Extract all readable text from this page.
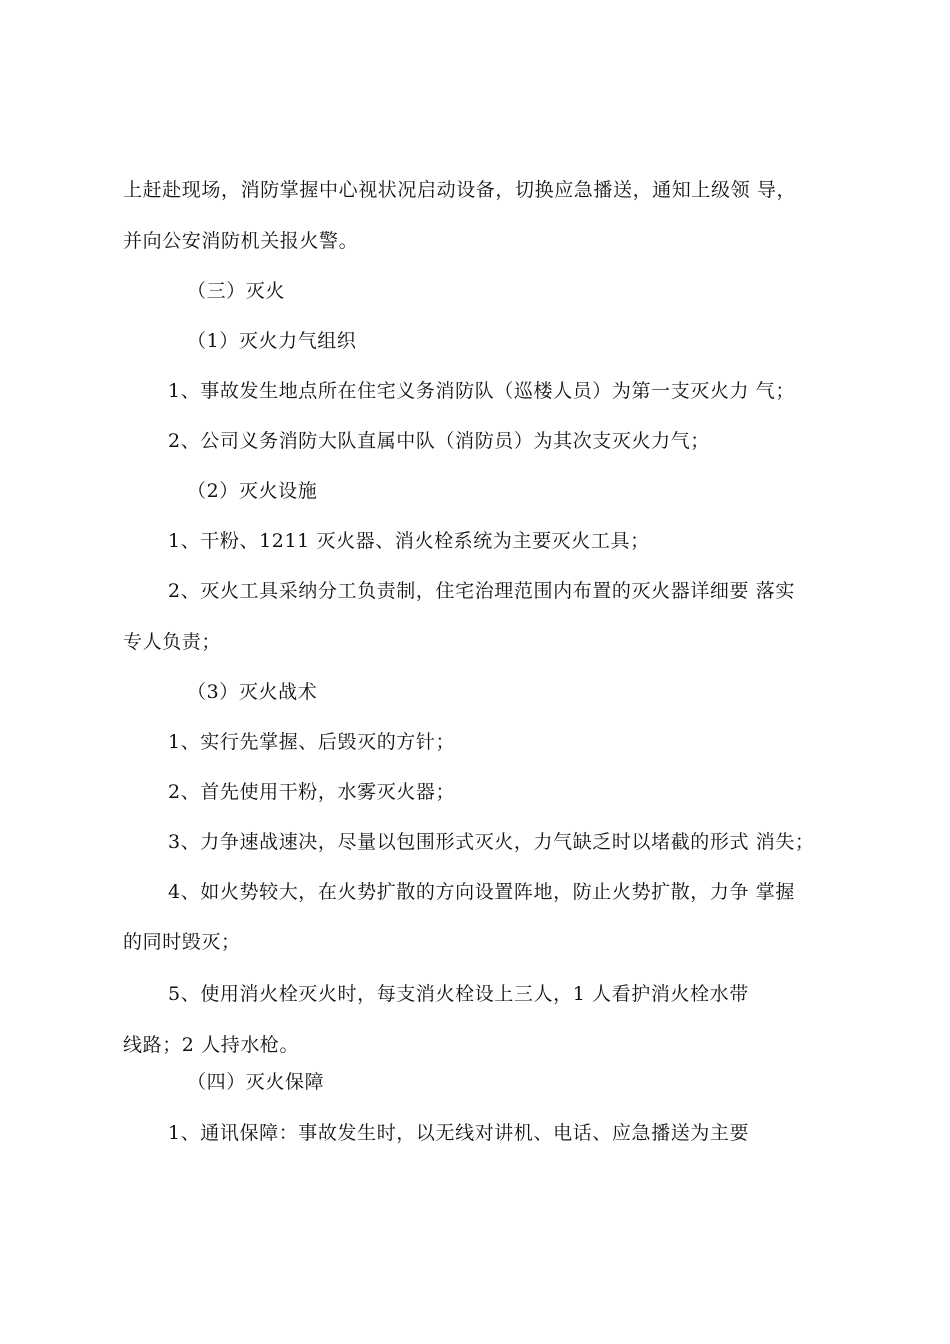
上赶赴现场，消防掌握中心视状况启动设备，切换应急播送，通知上级领 导，
并向公安消防机关报火警。
（三）灭火
（1）灭火力气组织
1、事故发生地点所在住宅义务消防队（巡楼人员）为第一支灭火力 气；
2、公司义务消防大队直属中队（消防员）为其次支灭火力气；
（2）灭火设施
1、干粉、1211 灭火器、消火栓系统为主要灭火工具；
2、灭火工具采纳分工负责制，住宅治理范围内布置的灭火器详细要 落实
专人负责；
（3）灭火战术
1、实行先掌握、后毁灭的方针；
2、首先使用干粉，水雾灭火器；
3、力争速战速决，尽量以包围形式灭火，力气缺乏时以堵截的形式 消失；
4、如火势较大，在火势扩散的方向设置阵地，防止火势扩散，力争 掌握
的同时毁灭；
5、使用消火栓灭火时，每支消火栓设上三人，1 人看护消火栓水带
线路；2 人持水枪。
（四）灭火保障
1、通讯保障：事故发生时，以无线对讲机、电话、应急播送为主要
